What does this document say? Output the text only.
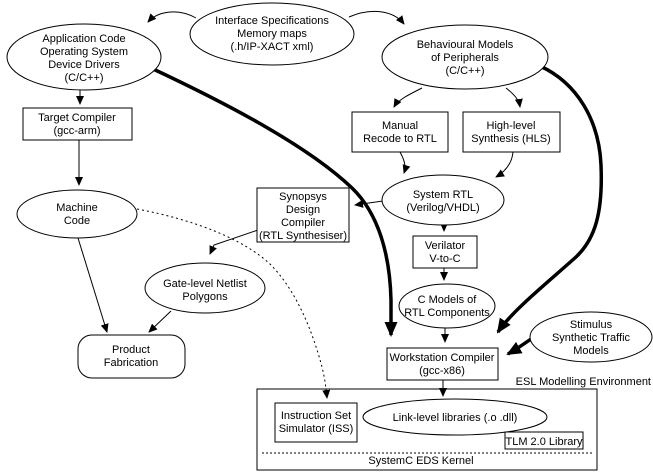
Application Code
Operating System
Device Drivers
(C/C++)
Interface Specifications
Memory maps
(.h/IP-XACT xml)	Behavioural Models
of Peripherals
(C/C++)
Target Compiler
(gcc-arm)
Machine
Code
Manual
Recode to RTL
High-level
Synthesis (HLS)
Synopsys
Design
Compiler
(RTL Synthesiser)
System RTL
(Verilog/VHDL)
Verilator
V-to-C
C Models of
RTL Components
Gate-level Netlist
Polygons
Product
Fabrication	Workstation Compiler
(gcc-x86)
Stimulus
Synthetic Traffic
Models
Link-level libraries (.o .dll)
Instruction Set
Simulator (ISS)
TLM 2.0 Library
ESL Modelling Environment
SystemC EDS Kernel
